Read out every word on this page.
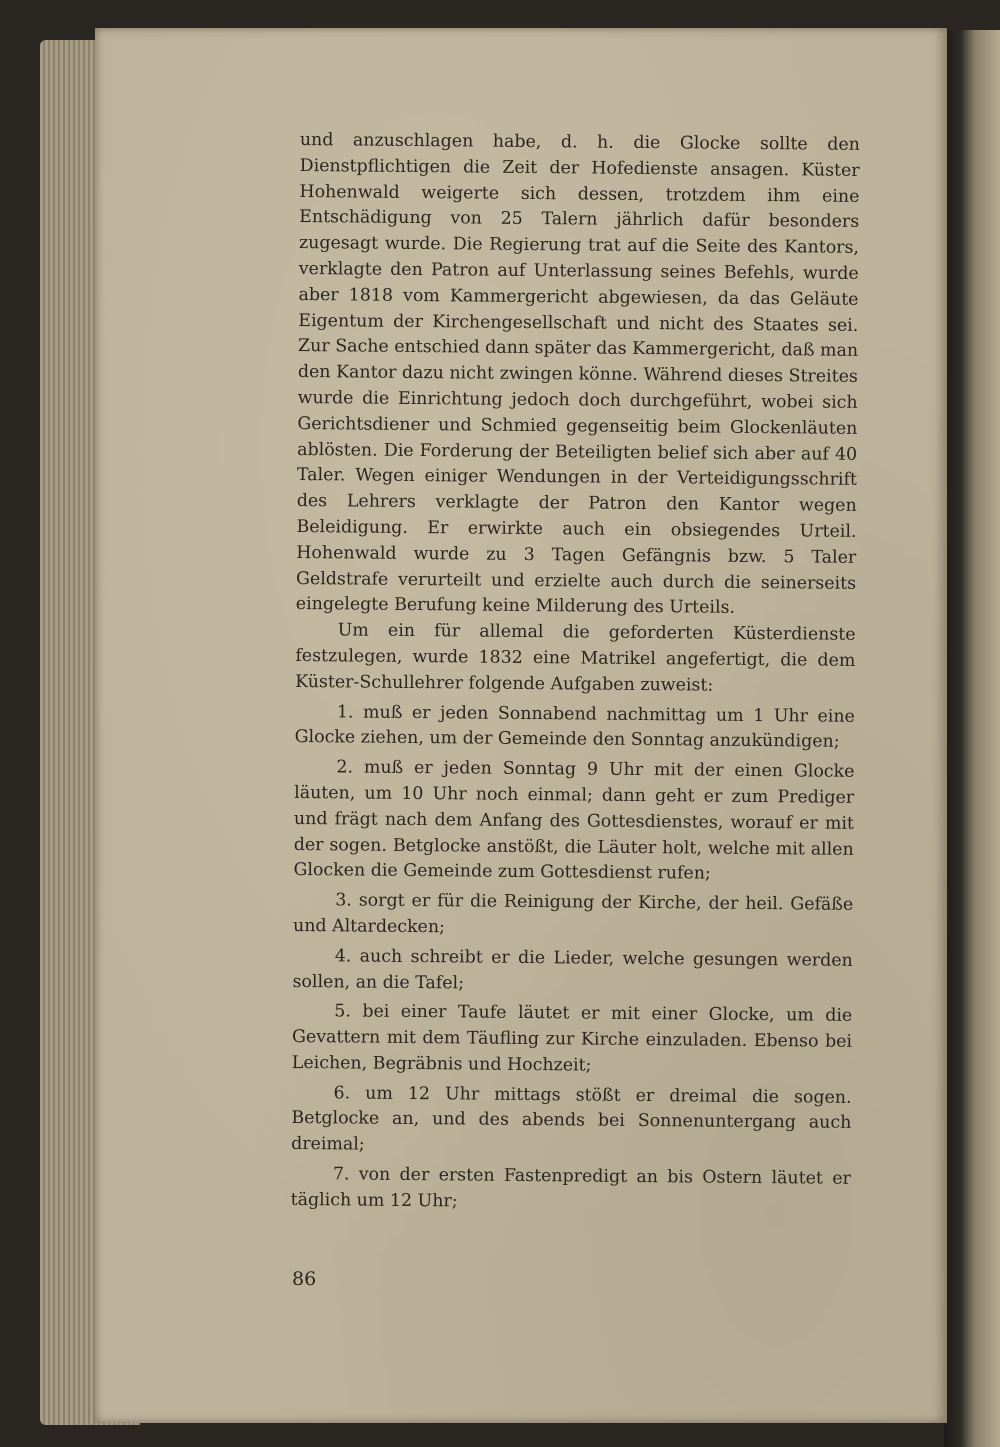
und anzuschlagen habe, d. h. die Glocke sollte den Dienstpflichtigen die Zeit der Hofedienste ansagen. Küster Hohenwald weigerte sich dessen, trotzdem ihm eine Entschädigung von 25 Talern jährlich dafür besonders zugesagt wurde. Die Regierung trat auf die Seite des Kantors, verklagte den Patron auf Unterlassung seines Befehls, wurde aber 1818 vom Kammergericht abgewiesen, da das Geläute Eigentum der Kirchengesellschaft und nicht des Staates sei. Zur Sache entschied dann später das Kammergericht, daß man den Kantor dazu nicht zwingen könne. Während dieses Streites wurde die Einrichtung jedoch doch durchgeführt, wobei sich Gerichtsdiener und Schmied gegenseitig beim Glockenläuten ablösten. Die Forderung der Beteiligten belief sich aber auf 40 Taler. Wegen einiger Wendungen in der Verteidigungsschrift des Lehrers verklagte der Patron den Kantor wegen Beleidigung. Er erwirkte auch ein obsiegendes Urteil. Hohenwald wurde zu 3 Tagen Gefängnis bzw. 5 Taler Geldstrafe verurteilt und erzielte auch durch die seinerseits eingelegte Berufung keine Milderung des Urteils.

Um ein für allemal die geforderten Küsterdienste festzulegen, wurde 1832 eine Matrikel angefertigt, die dem Küster-Schullehrer folgende Aufgaben zuweist:

1. muß er jeden Sonnabend nachmittag um 1 Uhr eine Glocke ziehen, um der Gemeinde den Sonntag anzukündigen;

2. muß er jeden Sonntag 9 Uhr mit der einen Glocke läuten, um 10 Uhr noch einmal; dann geht er zum Prediger und frägt nach dem Anfang des Gottesdienstes, worauf er mit der sogen. Betglocke anstößt, die Läuter holt, welche mit allen Glocken die Gemeinde zum Gottesdienst rufen;

3. sorgt er für die Reinigung der Kirche, der heil. Gefäße und Altardecken;

4. auch schreibt er die Lieder, welche gesungen werden sollen, an die Tafel;

5. bei einer Taufe läutet er mit einer Glocke, um die Gevattern mit dem Täufling zur Kirche einzuladen. Ebenso bei Leichen, Begräbnis und Hochzeit;

6. um 12 Uhr mittags stößt er dreimal die sogen. Betglocke an, und des abends bei Sonnenuntergang auch dreimal;

7. von der ersten Fastenpredigt an bis Ostern läutet er täglich um 12 Uhr;

86
